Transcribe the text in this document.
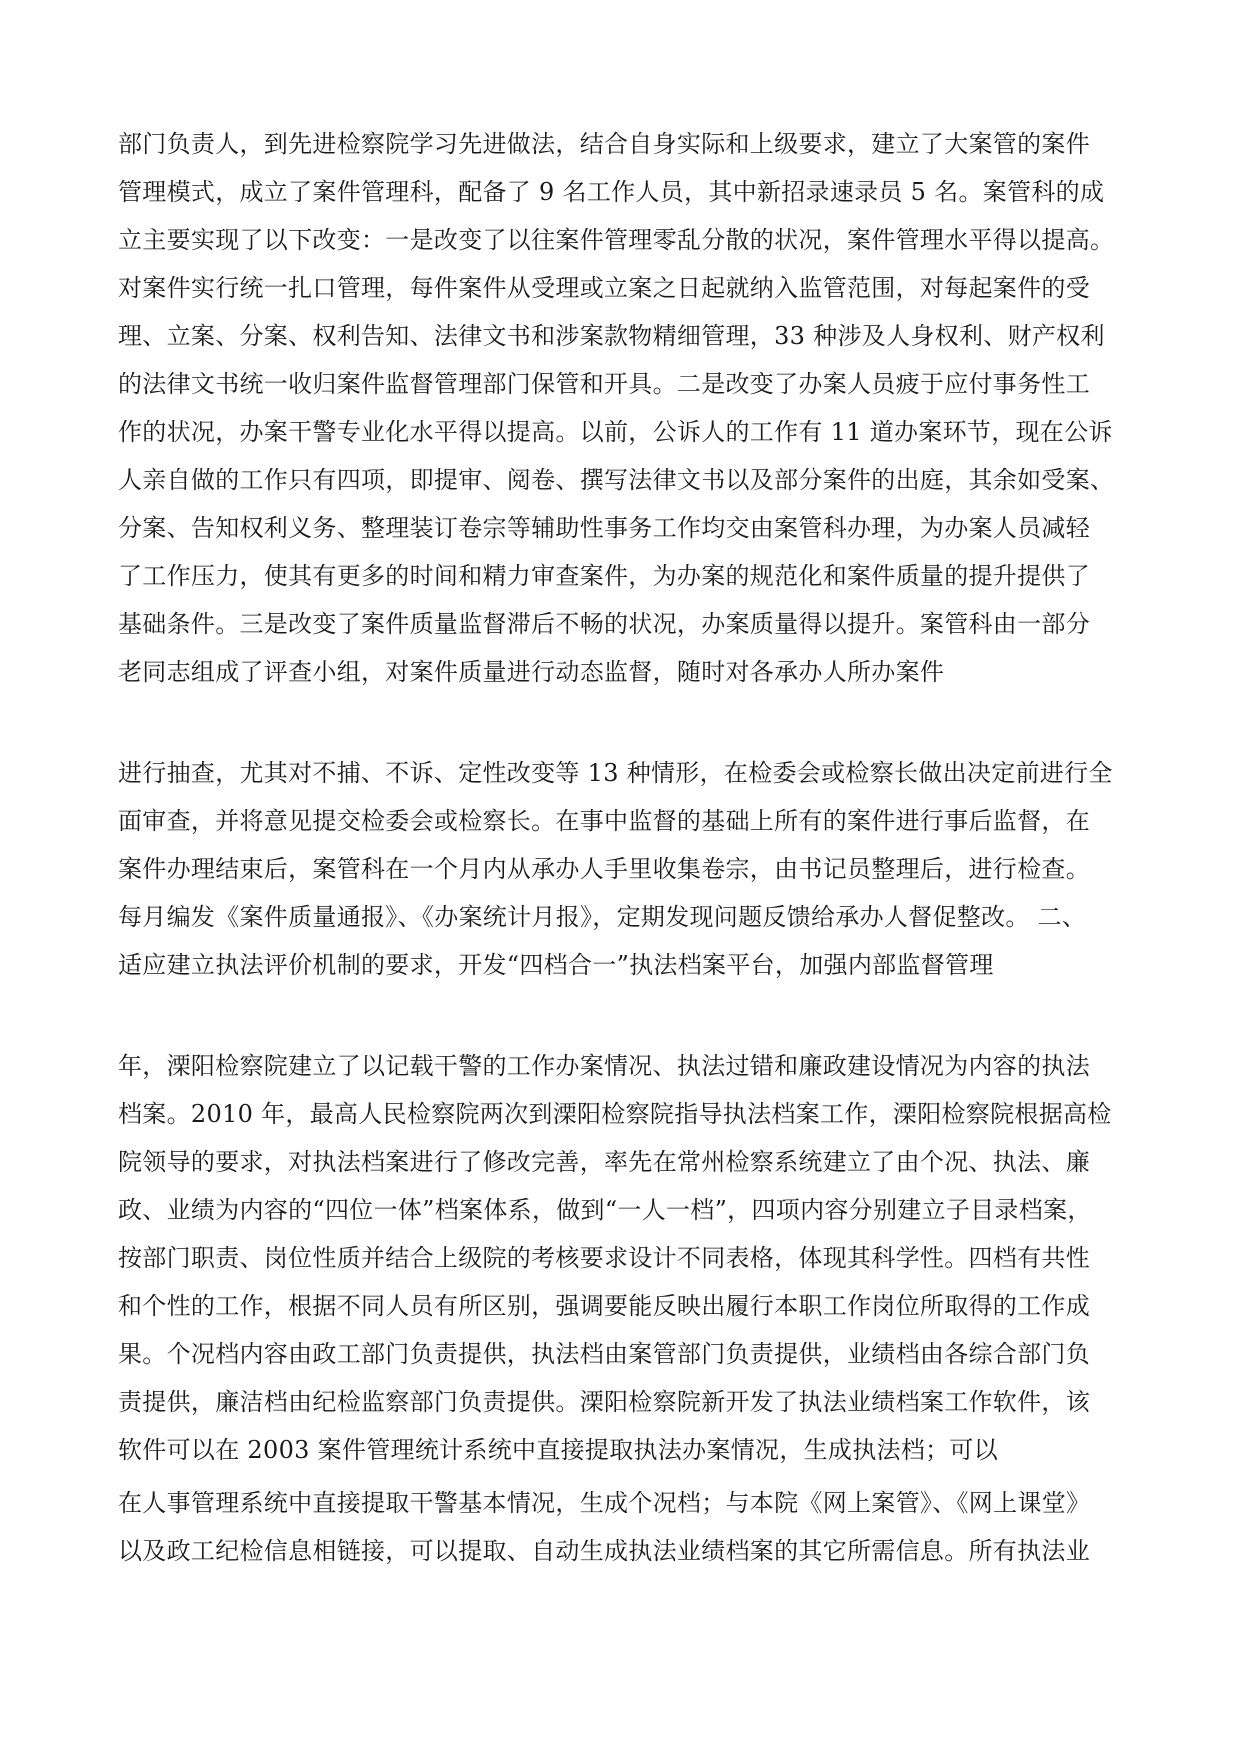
部门负责人，到先进检察院学习先进做法，结合自身实际和上级要求，建立了大案管的案件
管理模式，成立了案件管理科，配备了 9 名工作人员，其中新招录速录员 5 名。案管科的成
立主要实现了以下改变：一是改变了以往案件管理零乱分散的状况，案件管理水平得以提高。
对案件实行统一扎口管理，每件案件从受理或立案之日起就纳入监管范围，对每起案件的受
理、立案、分案、权利告知、法律文书和涉案款物精细管理，33 种涉及人身权利、财产权利
的法律文书统一收归案件监督管理部门保管和开具。二是改变了办案人员疲于应付事务性工
作的状况，办案干警专业化水平得以提高。以前，公诉人的工作有 11 道办案环节，现在公诉
人亲自做的工作只有四项，即提审、阅卷、撰写法律文书以及部分案件的出庭，其余如受案、
分案、告知权利义务、整理装订卷宗等辅助性事务工作均交由案管科办理，为办案人员减轻
了工作压力，使其有更多的时间和精力审查案件，为办案的规范化和案件质量的提升提供了
基础条件。三是改变了案件质量监督滞后不畅的状况，办案质量得以提升。案管科由一部分
老同志组成了评查小组，对案件质量进行动态监督，随时对各承办人所办案件
进行抽查，尤其对不捕、不诉、定性改变等 13 种情形，在检委会或检察长做出决定前进行全
面审查，并将意见提交检委会或检察长。在事中监督的基础上所有的案件进行事后监督，在
案件办理结束后，案管科在一个月内从承办人手里收集卷宗，由书记员整理后，进行检查。
每月编发《案件质量通报》、《办案统计月报》，定期发现问题反馈给承办人督促整改。 二、
适应建立执法评价机制的要求，开发“四档合一”执法档案平台，加强内部监督管理
年，溧阳检察院建立了以记载干警的工作办案情况、执法过错和廉政建设情况为内容的执法
档案。2010 年，最高人民检察院两次到溧阳检察院指导执法档案工作，溧阳检察院根据高检
院领导的要求，对执法档案进行了修改完善，率先在常州检察系统建立了由个况、执法、廉
政、业绩为内容的“四位一体”档案体系，做到“一人一档”，四项内容分别建立子目录档案，
按部门职责、岗位性质并结合上级院的考核要求设计不同表格，体现其科学性。四档有共性
和个性的工作，根据不同人员有所区别，强调要能反映出履行本职工作岗位所取得的工作成
果。个况档内容由政工部门负责提供，执法档由案管部门负责提供，业绩档由各综合部门负
责提供，廉洁档由纪检监察部门负责提供。溧阳检察院新开发了执法业绩档案工作软件，该
软件可以在 2003 案件管理统计系统中直接提取执法办案情况，生成执法档；可以
在人事管理系统中直接提取干警基本情况，生成个况档；与本院《网上案管》、《网上课堂》
以及政工纪检信息相链接，可以提取、自动生成执法业绩档案的其它所需信息。所有执法业
